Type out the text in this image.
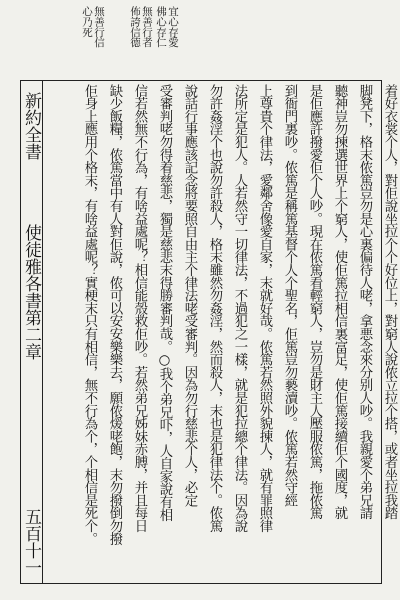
宜心存愛
佛心存仁
無善行者
佈誇信德
無善行信
心乃死
新約全書
使徒雅各書第二章
五百十一
着好衣裳个人，對佢說坐拉个个好位上，對窮人說侬立拉个搭，或者坐拉我踏
脚凳下，格末侬篤豈勿是心裏偏待人咾，拿悪念來分别人吵。我親愛个弟兄請
聽神豈勿揀選世界上个窮人，使佢篤拉相信裏富足，使佢篤接續佢个國度，就
是佢應許撥愛佢个人吵。現在侬篤看輕窮人，豈勿是財主人壓服侬篤，拖侬篤
到衙門裏吵。侬篤是稱篤基督个人个聖名，佢篤豈勿褻瀆吵。侬篤若然守經
上尊貴个律法，愛鄰舍像愛自家，末就好哉。侬篤若然照外貌揀人，就有罪照律
法所定是犯人。人若然守一切律法，不過犯之一樣，就是犯拉總个律法。因為說
勿許姦淫个也說勿許殺人，格末雖然勿姦淫，然而殺人，末也是犯律法个。侬篤
說話行事應該記念將要照自由主个律法咾受審判。因為勿行慈悲个人，必定
受審判咾勿得着慈悲，獨是慈悲末得勝審判哉。○我个弟兄吓，人自家說有相
信若然無不行為，有啥益處呢？相信能殼救佢吵。若然弟兄姊妹赤膊，并且每日
缺少飯糧，侬篤當中有人對佢說，侬可以安安樂樂去，願侬煖咾飽，末勿撥倒勿撥
佢身上應用个格末，有啥益處呢？實梗末只有相信，無不行為个，个相信是死个。
